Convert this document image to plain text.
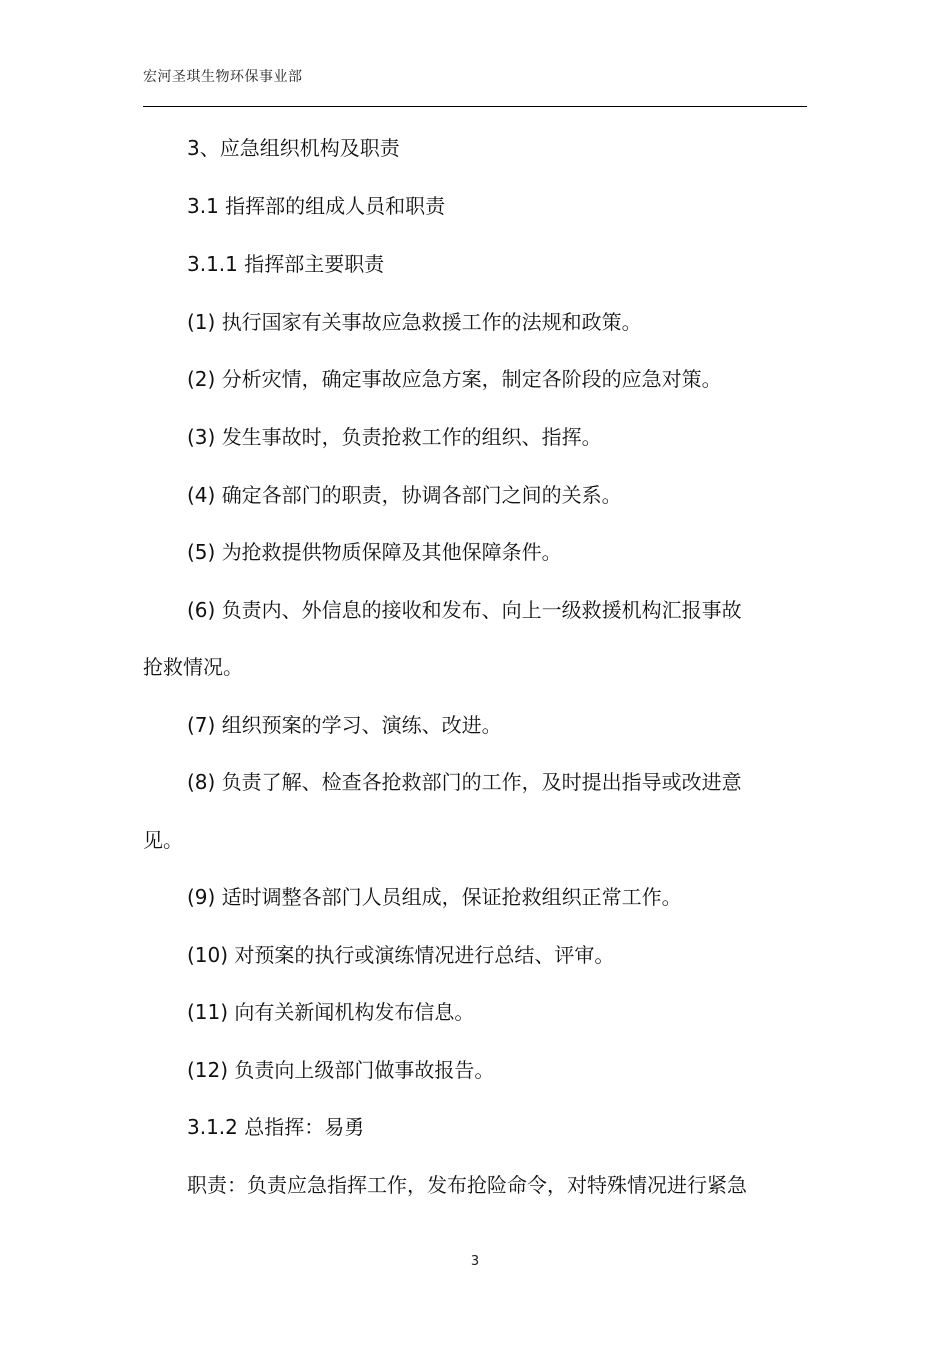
宏河圣琪生物环保事业部
3、应急组织机构及职责
3.1 指挥部的组成人员和职责
3.1.1 指挥部主要职责
(1) 执行国家有关事故应急救援工作的法规和政策。
(2) 分析灾情，确定事故应急方案，制定各阶段的应急对策。
(3) 发生事故时，负责抢救工作的组织、指挥。
(4) 确定各部门的职责，协调各部门之间的关系。
(5) 为抢救提供物质保障及其他保障条件。
(6) 负责内、外信息的接收和发布、向上一级救援机构汇报事故
抢救情况。
(7) 组织预案的学习、演练、改进。
(8) 负责了解、检查各抢救部门的工作，及时提出指导或改进意
见。
(9) 适时调整各部门人员组成，保证抢救组织正常工作。
(10) 对预案的执行或演练情况进行总结、评审。
(11) 向有关新闻机构发布信息。
(12) 负责向上级部门做事故报告。
3.1.2 总指挥：易勇
职责：负责应急指挥工作，发布抢险命令，对特殊情况进行紧急
3
